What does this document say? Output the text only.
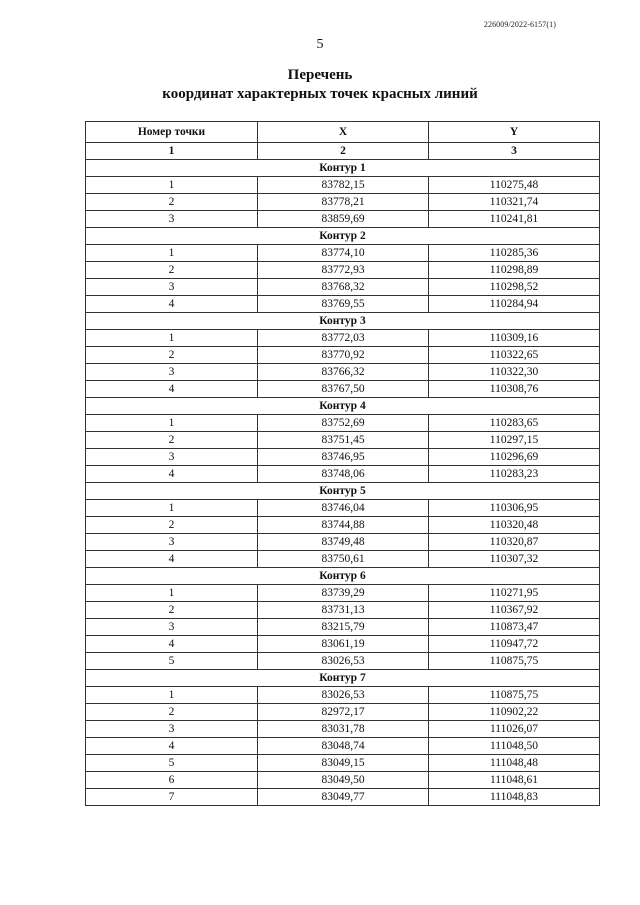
226009/2022-6157(1)
5
Перечень
координат характерных точек красных линий
Номер точки	X	Y
1	2	3
Контур 1		
1	83782,15	110275,48
2	83778,21	110321,74
3	83859,69	110241,81
Контур 2		
1	83774,10	110285,36
2	83772,93	110298,89
3	83768,32	110298,52
4	83769,55	110284,94
Контур 3		
1	83772,03	110309,16
2	83770,92	110322,65
3	83766,32	110322,30
4	83767,50	110308,76
Контур 4		
1	83752,69	110283,65
2	83751,45	110297,15
3	83746,95	110296,69
4	83748,06	110283,23
Контур 5		
1	83746,04	110306,95
2	83744,88	110320,48
3	83749,48	110320,87
4	83750,61	110307,32
Контур 6		
1	83739,29	110271,95
2	83731,13	110367,92
3	83215,79	110873,47
4	83061,19	110947,72
5	83026,53	110875,75
Контур 7		
1	83026,53	110875,75
2	82972,17	110902,22
3	83031,78	111026,07
4	83048,74	111048,50
5	83049,15	111048,48
6	83049,50	111048,61
7	83049,77	111048,83
